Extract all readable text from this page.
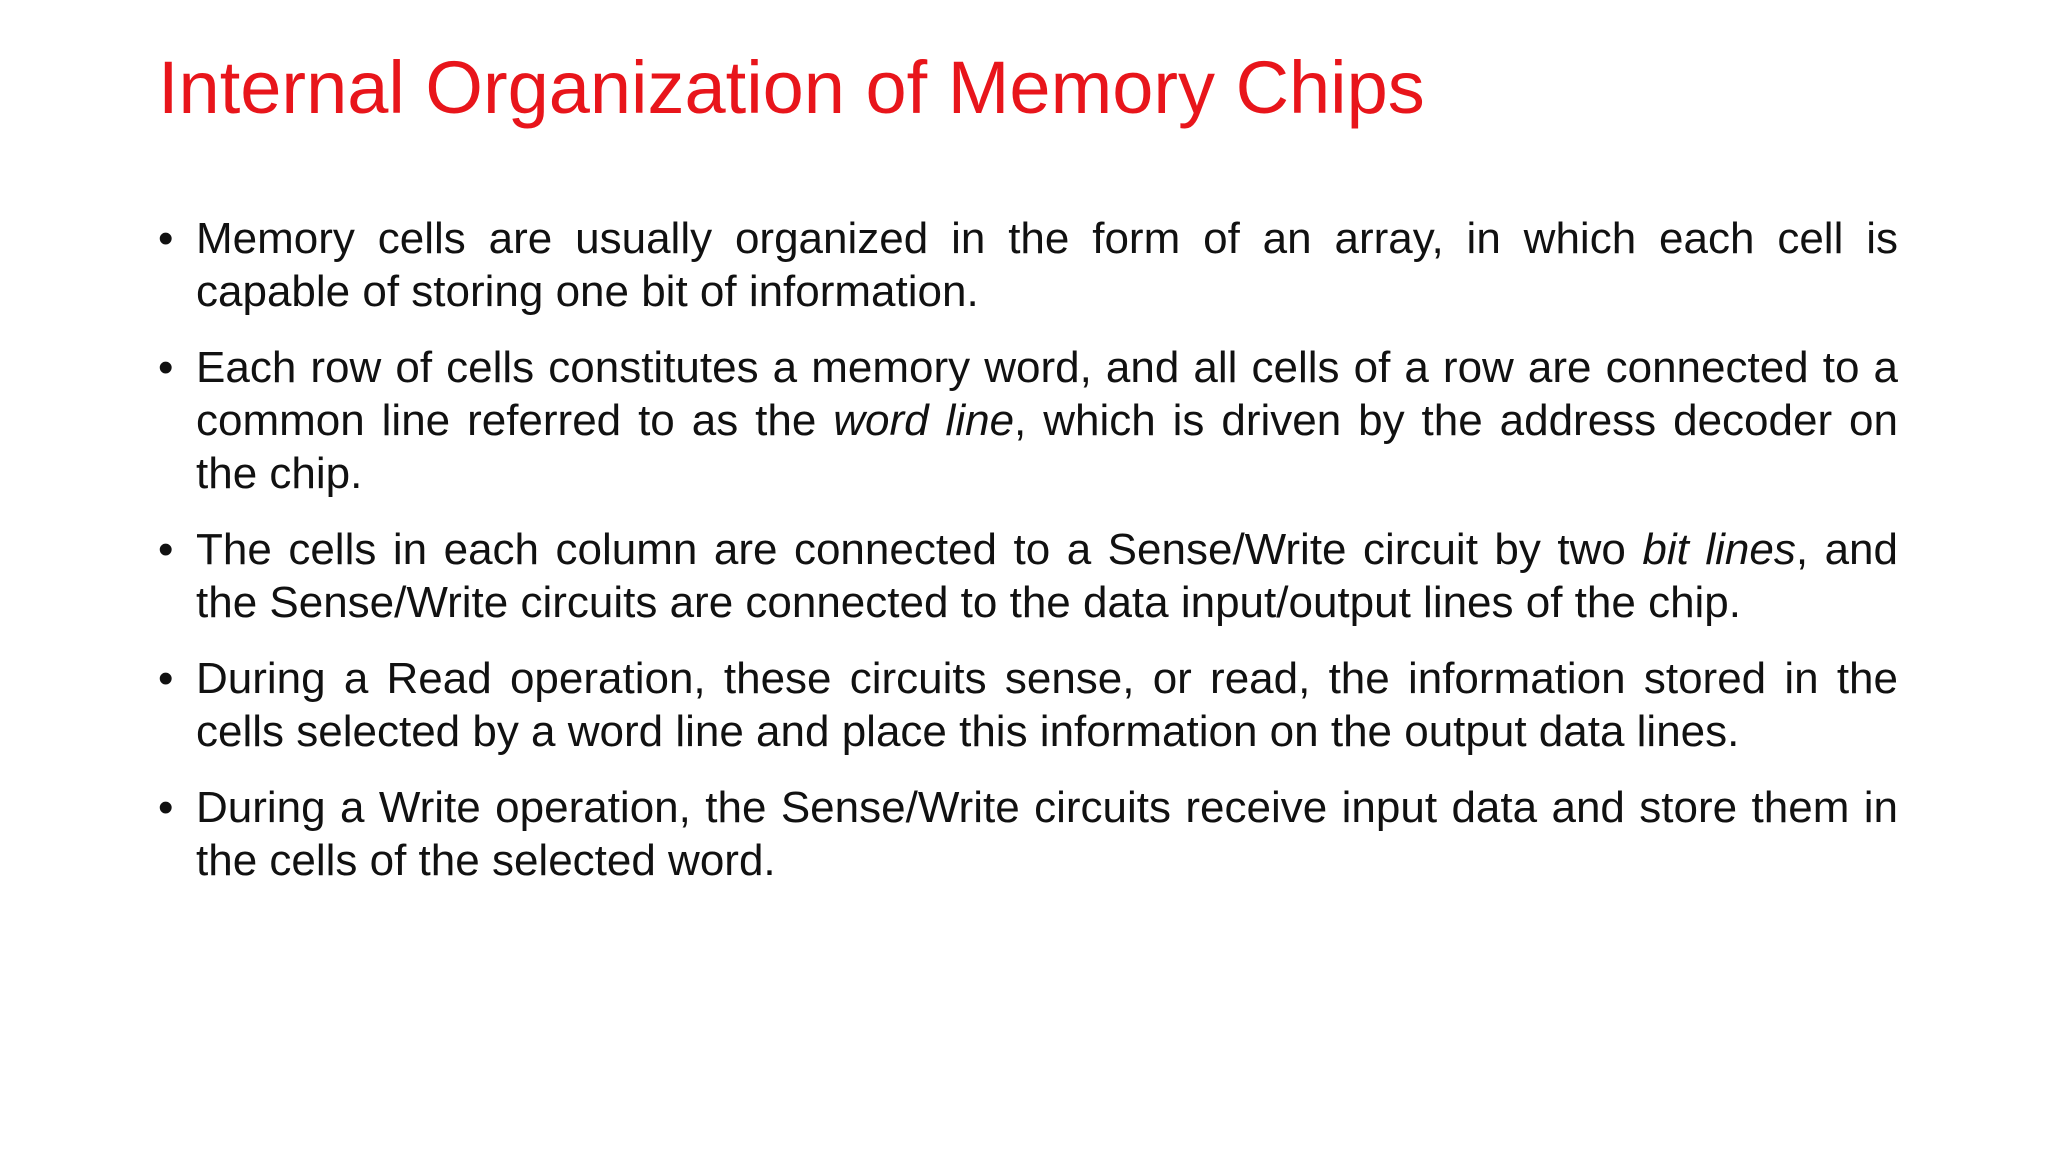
Internal Organization of Memory Chips
• Memory cells are usually organized in the form of an array, in which each cell is capable of storing one bit of information.
• Each row of cells constitutes a memory word, and all cells of a row are connected to a common line referred to as the word line, which is driven by the address decoder on the chip.
• The cells in each column are connected to a Sense/Write circuit by two bit lines, and the Sense/Write circuits are connected to the data input/output lines of the chip.
• During a Read operation, these circuits sense, or read, the information stored in the cells selected by a word line and place this information on the output data lines.
• During a Write operation, the Sense/Write circuits receive input data and store them in the cells of the selected word.
